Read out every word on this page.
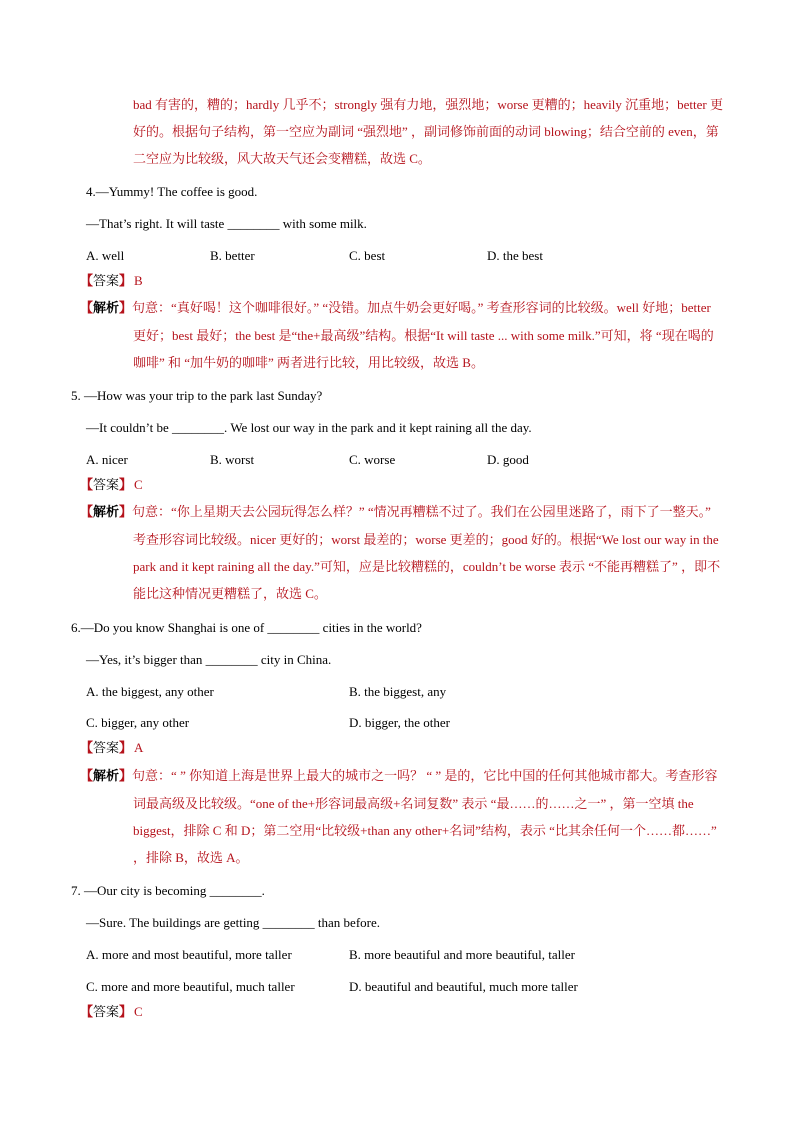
bad 有害的，糟的；hardly 几乎不；strongly 强有力地，强烈地；worse 更糟的；heavily 沉重地；better 更好的。根据句子结构，第一空应为副词 “强烈地” ，副词修饰前面的动词 blowing；结合空前的 even，第二空应为比较级，风大故天气还会变糟糕，故选 C。
4.—Yummy! The coffee is good.
—That’s right. It will taste ________ with some milk.
A. well	B. better	C. best	D. the best
【答案】 B
【解析】句意：“真好喝！这个咖啡很好。” “没错。加点牛奶会更好喝。” 考查形容词的比较级。well 好地；better 更好；best 最好；the best 是“the+最高级”结构。根据“It will taste ... with some milk.”可知，将 “现在喝的咖啡” 和 “加牛奶的咖啡” 两者进行比较，用比较级，故选 B。
5. —How was your trip to the park last Sunday?
—It couldn’t be ________. We lost our way in the park and it kept raining all the day.
A. nicer	B. worst	C. worse	D. good
【答案】 C
【解析】句意：“你上星期天去公园玩得怎么样？” “情况再糟糕不过了。我们在公园里迷路了，雨下了一整天。” 考查形容词比较级。nicer 更好的；worst 最差的；worse 更差的；good 好的。根据“We lost our way in the park and it kept raining all the day.”可知，应是比较糟糕的，couldn’t be worse 表示 “不能再糟糕了” ，即不能比这种情况更糟糕了，故选 C。
6.—Do you know Shanghai is one of ________ cities in the world?
—Yes, it’s bigger than ________ city in China.
A. the biggest, any other	B. the biggest, any
C. bigger, any other	D. bigger, the other
【答案】 A
【解析】句意：“ ” 你知道上海是世界上最大的城市之一吗？ “ ” 是的，它比中国的任何其他城市都大。考查形容词最高级及比较级。“one of the+形容词最高级+名词复数” 表示 “最……的……之一” ，第一空填 the biggest，排除 C 和 D；第二空用“比较级+than any other+名词”结构，表示 “比其余任何一个……都……” ，排除 B，故选 A。
7. —Our city is becoming ________.
—Sure. The buildings are getting ________ than before.
A. more and most beautiful, more taller	B. more beautiful and more beautiful, taller
C. more and more beautiful, much taller	D. beautiful and beautiful, much more taller
【答案】 C
